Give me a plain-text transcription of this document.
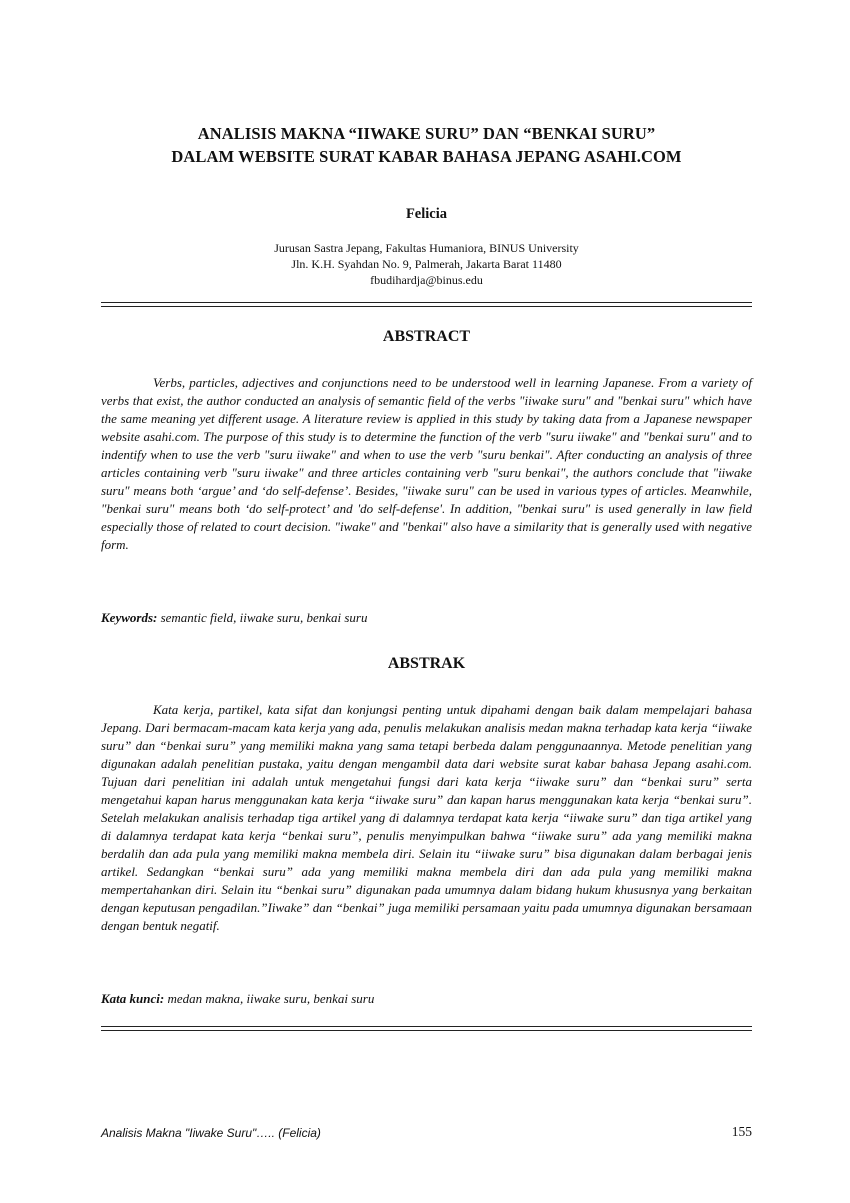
ANALISIS MAKNA “IIWAKE SURU” DAN “BENKAI SURU”
DALAM WEBSITE SURAT KABAR BAHASA JEPANG ASAHI.COM
Felicia
Jurusan Sastra Jepang, Fakultas Humaniora, BINUS University
Jln. K.H. Syahdan No. 9, Palmerah, Jakarta Barat 11480
fbudihardja@binus.edu
ABSTRACT

Verbs, particles, adjectives and conjunctions need to be understood well in learning Japanese. From a variety of verbs that exist, the author conducted an analysis of semantic field of the verbs "iiwake suru" and "benkai suru" which have the same meaning yet different usage. A literature review is applied in this study by taking data from a Japanese newspaper website asahi.com. The purpose of this study is to determine the function of the verb "suru iiwake" and "benkai suru" and to indentify when to use the verb "suru iiwake" and when to use the verb "suru benkai". After conducting an analysis of three articles containing verb "suru iiwake" and three articles containing verb "suru benkai", the authors conclude that "iiwake suru" means both ‘argue’ and ‘do self-defense’. Besides, "iiwake suru" can be used in various types of articles. Meanwhile, "benkai suru" means both ‘do self-protect’ and 'do self-defense'. In addition, "benkai suru" is used generally in law field especially those of related to court decision. "iwake" and "benkai" also have a similarity that is generally used with negative form.

Keywords: semantic field, iiwake suru, benkai suru
ABSTRAK

Kata kerja, partikel, kata sifat dan konjungsi penting untuk dipahami dengan baik dalam mempelajari bahasa Jepang. Dari bermacam-macam kata kerja yang ada, penulis melakukan analisis medan makna terhadap kata kerja “iiwake suru” dan “benkai suru” yang memiliki makna yang sama tetapi berbeda dalam penggunaannya. Metode penelitian yang digunakan adalah penelitian pustaka, yaitu dengan mengambil data dari website surat kabar bahasa Jepang asahi.com. Tujuan dari penelitian ini adalah untuk mengetahui fungsi dari kata kerja “iiwake suru” dan “benkai suru” serta mengetahui kapan harus menggunakan kata kerja “iiwake suru” dan kapan harus menggunakan kata kerja “benkai suru”. Setelah melakukan analisis terhadap tiga artikel yang di dalamnya terdapat kata kerja “iiwake suru” dan tiga artikel yang di dalamnya terdapat kata kerja “benkai suru”, penulis menyimpulkan bahwa “iiwake suru” ada yang memiliki makna berdalih dan ada pula yang memiliki makna membela diri. Selain itu “iiwake suru” bisa digunakan dalam berbagai jenis artikel. Sedangkan “benkai suru” ada yang memiliki makna membela diri dan ada pula yang memiliki makna mempertahankan diri. Selain itu “benkai suru” digunakan pada umumnya dalam bidang hukum khususnya yang berkaitan dengan keputusan pengadilan.”Iiwake” dan “benkai” juga memiliki persamaan yaitu pada umumnya digunakan bersamaan dengan bentuk negatif.

Kata kunci: medan makna, iiwake suru, benkai suru
Analisis Makna "Iiwake Suru"….. (Felicia)	155
